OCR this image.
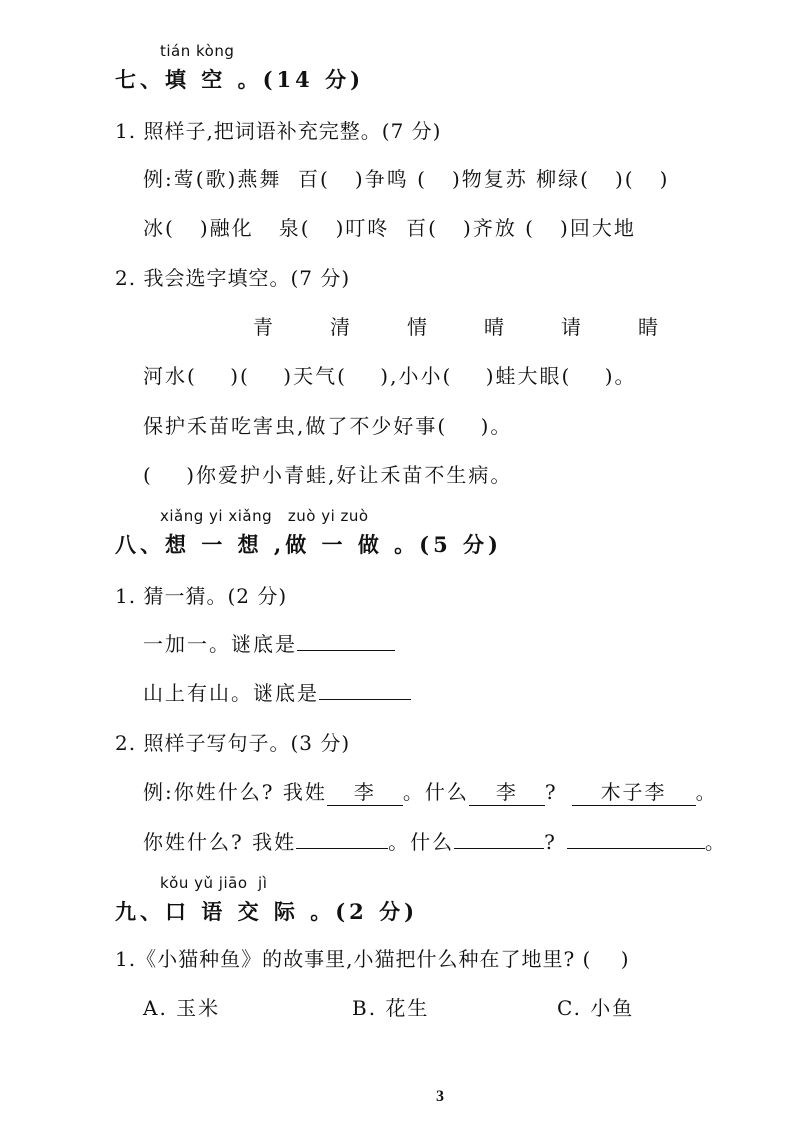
tián kòng
七、填 空 。(14 分)
1. 照样子,把词语补充完整。(7 分)
例:莺(歌)燕舞  百(   )争鸣 (   )物复苏 柳绿(   )(   )
冰(   )融化   泉(   )叮咚  百(   )齐放 (   )回大地
2. 我会选字填空。(7 分)
青	清	情	晴	请	睛
河水(    )(    )天气(    ),小小(    )蛙大眼(    )。
保护禾苗吃害虫,做了不少好事(    )。
(    )你爱护小青蛙,好让禾苗不生病。
xiǎng yi xiǎng   zuò yi zuò
八、想 一 想 ,做 一 做 。(5 分)
1. 猜一猜。(2 分)
一加一。谜底是
山上有山。谜底是
2. 照样子写句子。(3 分)
例:你姓什么? 我姓 李 。什么 李 ? 木子李 。
你姓什么? 我姓	。什么	?	。
kǒu yǔ jiāo  jì
九、口 语 交 际 。(2 分)
1.《小猫种鱼》的故事里,小猫把什么种在了地里? (    )
A. 玉米	B. 花生	C. 小鱼
3
